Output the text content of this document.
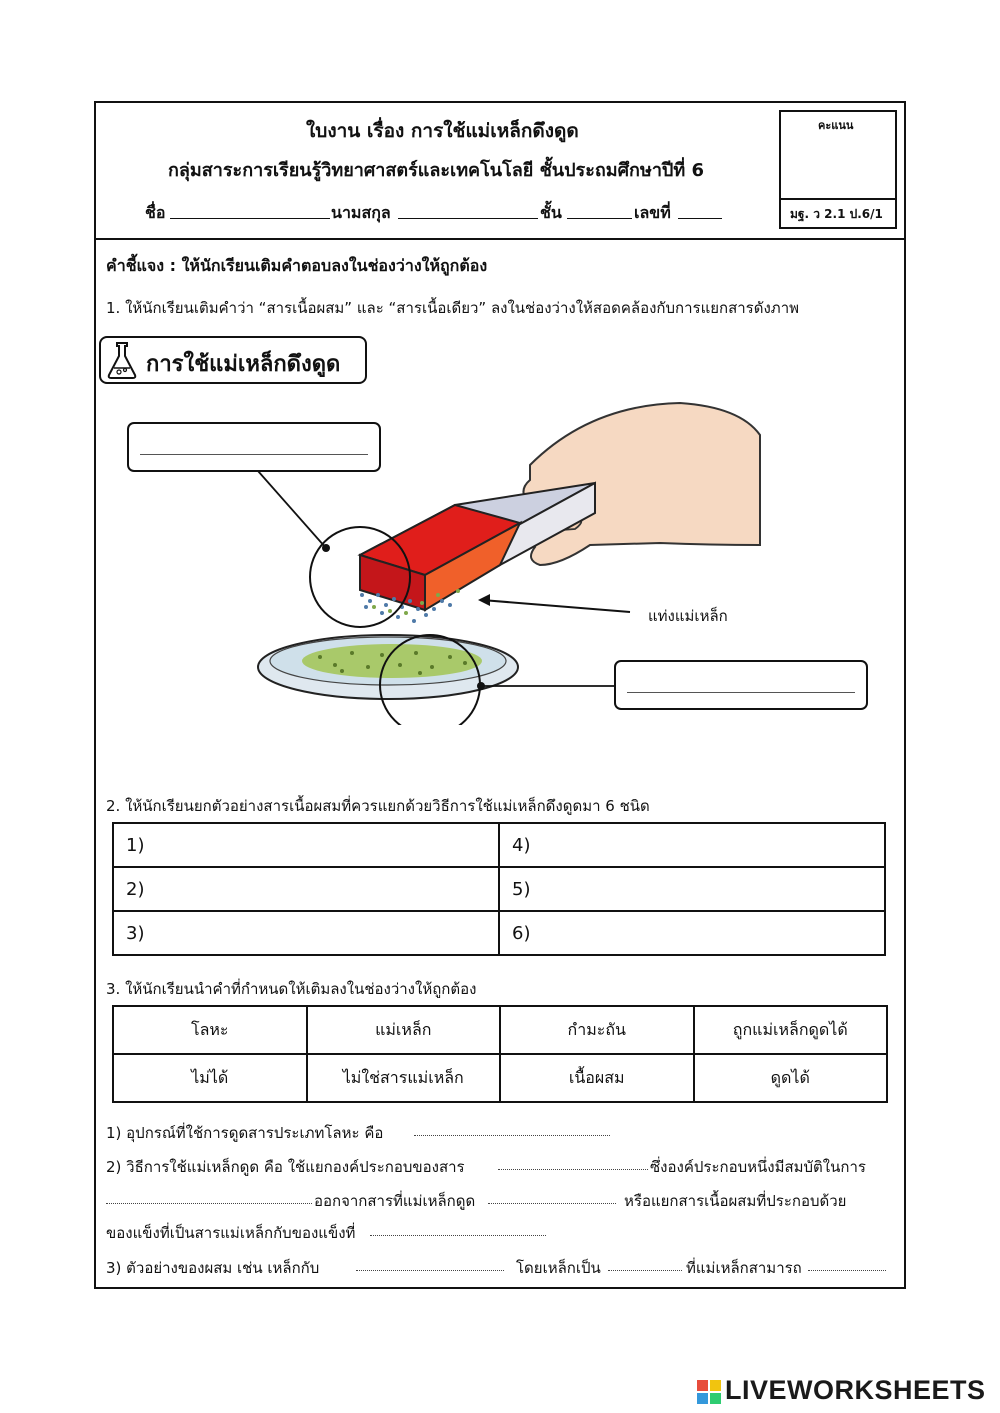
ใบงาน เรื่อง การใช้แม่เหล็กดึงดูด
กลุ่มสาระการเรียนรู้วิทยาศาสตร์และเทคโนโลยี ชั้นประถมศึกษาปีที่ 6
ชื่อ	นามสกุล	ชั้น	เลขที่
คะแนน
มฐ. ว 2.1 ป.6/1
คำชี้แจง : ให้นักเรียนเติมคำตอบลงในช่องว่างให้ถูกต้อง
1. ให้นักเรียนเติมคำว่า “สารเนื้อผสม” และ “สารเนื้อเดียว” ลงในช่องว่างให้สอดคล้องกับการแยกสารดังภาพ
การใช้แม่เหล็กดึงดูด
แท่งแม่เหล็ก
2. ให้นักเรียนยกตัวอย่างสารเนื้อผสมที่ควรแยกด้วยวิธีการใช้แม่เหล็กดึงดูดมา 6 ชนิด
1)	4)
2)	5)
3)	6)
3. ให้นักเรียนนำคำที่กำหนดให้เติมลงในช่องว่างให้ถูกต้อง
โลหะ	แม่เหล็ก	กำมะถัน	ถูกแม่เหล็กดูดได้
ไม่ได้	ไม่ใช่สารแม่เหล็ก	เนื้อผสม	ดูดได้
1) อุปกรณ์ที่ใช้การดูดสารประเภทโลหะ คือ
2) วิธีการใช้แม่เหล็กดูด คือ ใช้แยกองค์ประกอบของสาร	ซึ่งองค์ประกอบหนึ่งมีสมบัติในการ
ออกจากสารที่แม่เหล็กดูด	หรือแยกสารเนื้อผสมที่ประกอบด้วย
ของแข็งที่เป็นสารแม่เหล็กกับของแข็งที่
3) ตัวอย่างของผสม เช่น เหล็กกับ	โดยเหล็กเป็น	ที่แม่เหล็กสามารถ
LIVEWORKSHEETS
